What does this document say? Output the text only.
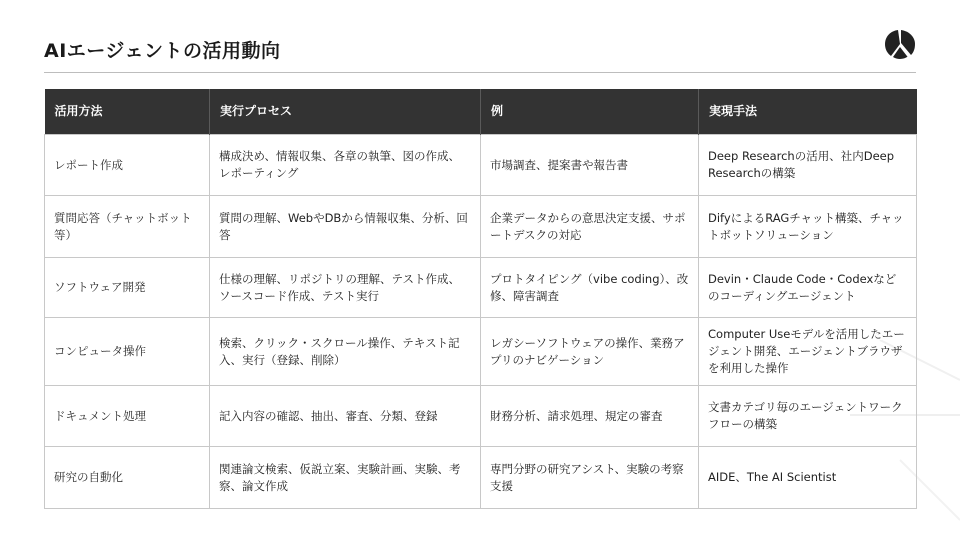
AIエージェントの活用動向
活用方法	実行プロセス	例	実現手法
レポート作成	構成決め、情報収集、各章の執筆、図の作成、レポーティング	市場調査、提案書や報告書	Deep Researchの活用、社内Deep Researchの構築
質問応答（チャットボット等）	質問の理解、WebやDBから情報収集、分析、回答	企業データからの意思決定支援、サポートデスクの対応	DifyによるRAGチャット構築、チャットボットソリューション
ソフトウェア開発	仕様の理解、リポジトリの理解、テスト作成、ソースコード作成、テスト実行	プロトタイピング（vibe coding）、改修、障害調査	Devin・Claude Code・Codexなどのコーディングエージェント
コンピュータ操作	検索、クリック・スクロール操作、テキスト記入、実行（登録、削除）	レガシーソフトウェアの操作、業務アプリのナビゲーション	Computer Useモデルを活用したエージェント開発、エージェントブラウザを利用した操作
ドキュメント処理	記入内容の確認、抽出、審査、分類、登録	財務分析、請求処理、規定の審査	文書カテゴリ毎のエージェントワークフローの構築
研究の自動化	関連論文検索、仮説立案、実験計画、実験、考察、論文作成	専門分野の研究アシスト、実験の考察支援	AIDE、The AI Scientist
